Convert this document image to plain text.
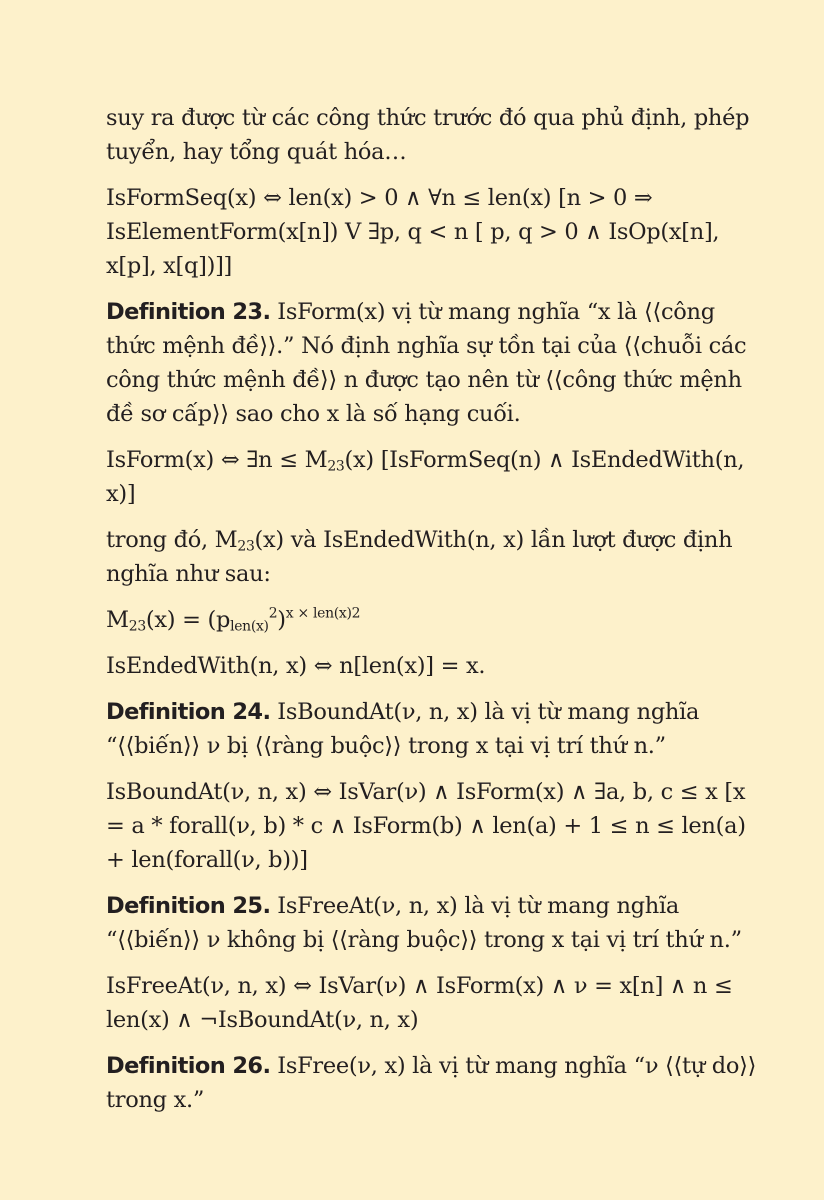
suy ra được từ các công thức trước đó qua phủ định, phép tuyển, hay tổng quát hóa…

IsFormSeq(x) ⇔ len(x) > 0 ∧ ∀n ≤ len(x) [n > 0 ⇒ IsElementForm(x[n]) V ∃p, q < n [ p, q > 0 ∧ IsOp(x[n], x[p], x[q])]]

Definition 23. IsForm(x) vị từ mang nghĩa “x là ⟨⟨công thức mệnh đề⟩⟩.” Nó định nghĩa sự tồn tại của ⟨⟨chuỗi các công thức mệnh đề⟩⟩ n được tạo nên từ ⟨⟨công thức mệnh đề sơ cấp⟩⟩ sao cho x là số hạng cuối.

IsForm(x) ⇔ ∃n ≤ $M_{23}(x)$ [IsFormSeq(n) ∧ IsEndedWith(n, x)]

trong đó, $M_{23}(x)$ và IsEndedWith(n, x) lần lượt được định nghĩa như sau:

$M_{23}(x) = (p_{len(x)}^2)^{x \times len(x)2}$

IsEndedWith(n, x) ⇔ n[len(x)] = x.

Definition 24. IsBoundAt(ν, n, x) là vị từ mang nghĩa “⟨⟨biến⟩⟩ ν bị ⟨⟨ràng buộc⟩⟩ trong x tại vị trí thứ n.”

IsBoundAt(ν, n, x) ⇔ IsVar(ν) ∧ IsForm(x) ∧ ∃a, b, c ≤ x [x = a * forall(ν, b) * c ∧ IsForm(b) ∧ len(a) + 1 ≤ n ≤ len(a) + len(forall(ν, b))]

Definition 25. IsFreeAt(ν, n, x) là vị từ mang nghĩa “⟨⟨biến⟩⟩ ν không bị ⟨⟨ràng buộc⟩⟩ trong x tại vị trí thứ n.”

IsFreeAt(ν, n, x) ⇔ IsVar(ν) ∧ IsForm(x) ∧ ν = x[n] ∧ n ≤ len(x) ∧ ¬IsBoundAt(ν, n, x)

Definition 26. IsFree(ν, x) là vị từ mang nghĩa “ν ⟨⟨tự do⟩⟩ trong x.”
